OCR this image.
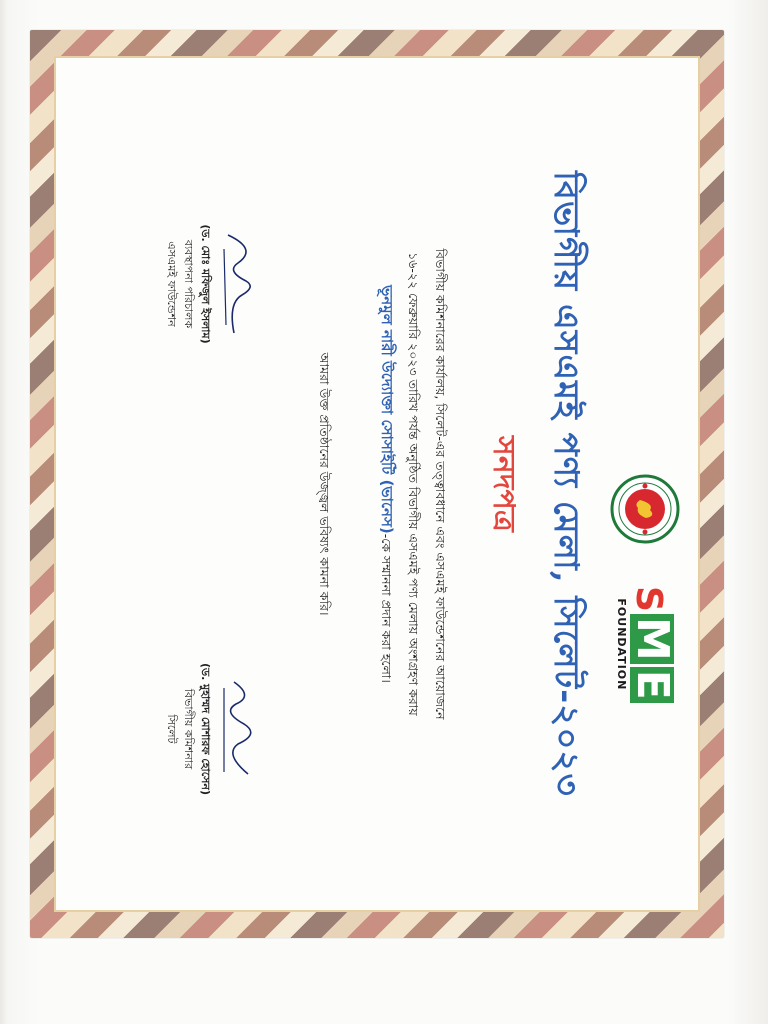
S
M
E
FOUNDATION
বিভাগীয় এসএমই পণ্য মেলা, সিলেট-২০২৩
সনদপত্র
বিভাগীয় কমিশনারের কার্যালয়, সিলেট-এর তত্ত্বাবধানে এবং এসএমই ফাউন্ডেশনের আয়োজনে
১৬-২২ ফেব্রুয়ারি ২০২৩ তারিখ পর্যন্ত অনুষ্ঠিত বিভাগীয় এসএমই পণ্য মেলায় অংশগ্রহণ করায়
ভূনমুল নারী উদ্যোক্তা সোসাইটি (ভানেস)-কে সম্মাননা প্রদান করা হলো।
আমরা উক্ত প্রতিষ্ঠানের উজ্জ্বল ভবিষ্যৎ কামনা করি।
(ড. মোঃ মফিজুল ইসলাম)
ব্যবস্থাপনা পরিচালক
এসএমই ফাউন্ডেশন
(ড. মুহাম্মদ মোশারফ হোসেন)
বিভাগীয় কমিশনার
সিলেট
